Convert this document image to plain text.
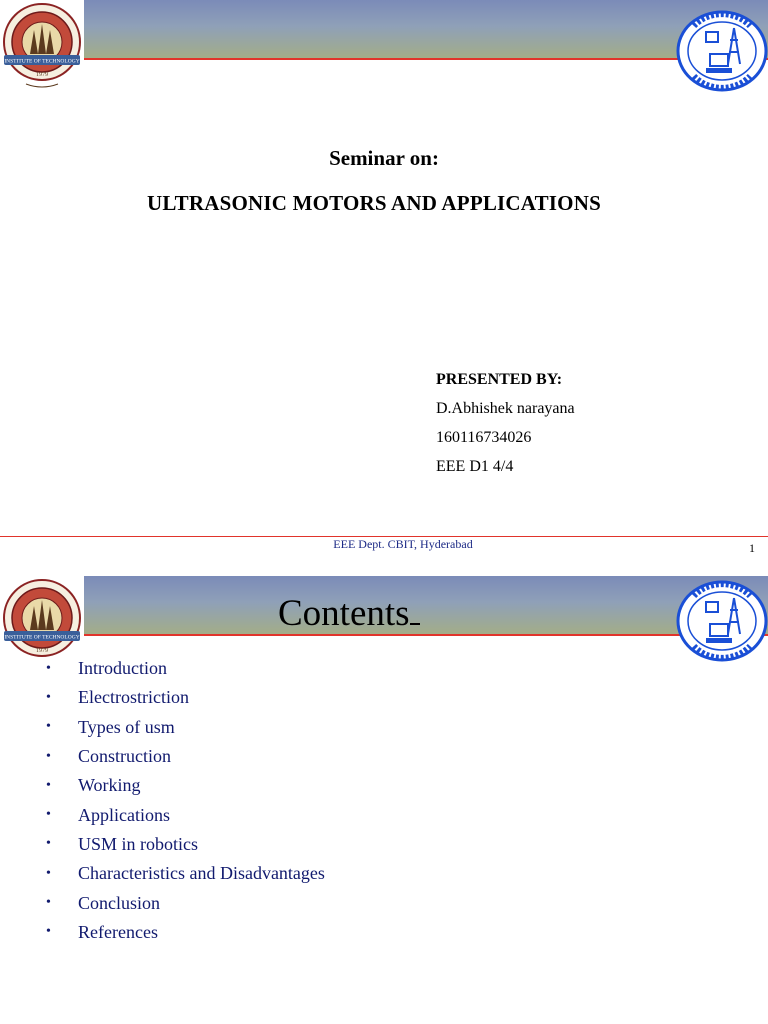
INSTITUTE OF TECHNOLOGY
1979
Seminar on:
ULTRASONIC MOTORS AND APPLICATIONS
PRESENTED BY:
D.Abhishek narayana
160116734026
EEE D1 4/4
EEE Dept. CBIT, Hyderabad	1
INSTITUTE OF TECHNOLOGY
1979
Contents
•	Introduction
•	Electrostriction
•	Types of usm
•	Construction
•	Working
•	Applications
•	USM in robotics
•	Characteristics and Disadvantages
•	Conclusion
•	References
